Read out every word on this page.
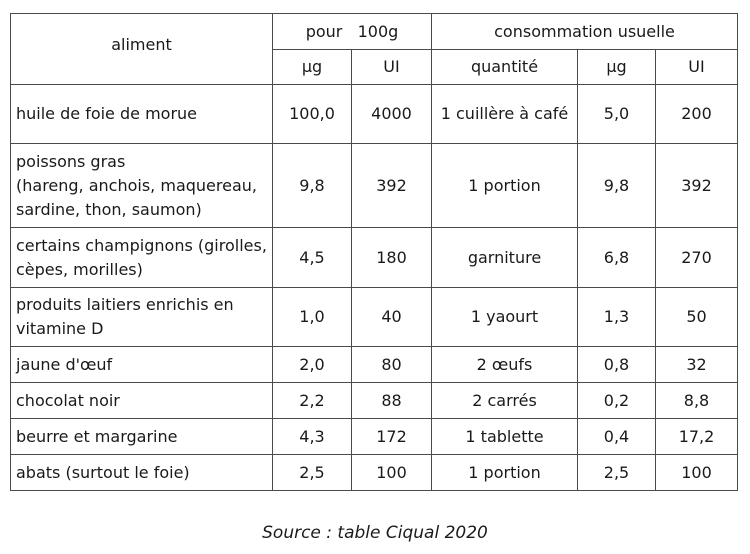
aliment	pour   100g		consommation usuelle		
	µg	UI	quantité	µg	UI
huile de foie de morue	100,0	4000	1 cuillère à café	5,0	200
poissons gras
(hareng, anchois, maquereau,
sardine, thon, saumon)	9,8	392	1 portion	9,8	392
certains champignons (girolles,
cèpes, morilles)	4,5	180	garniture	6,8	270
produits laitiers enrichis en
vitamine D	1,0	40	1 yaourt	1,3	50
jaune d'œuf	2,0	80	2 œufs	0,8	32
chocolat noir	2,2	88	2 carrés	0,2	8,8
beurre et margarine	4,3	172	1 tablette	0,4	17,2
abats (surtout le foie)	2,5	100	1 portion	2,5	100
Source : table Ciqual 2020
